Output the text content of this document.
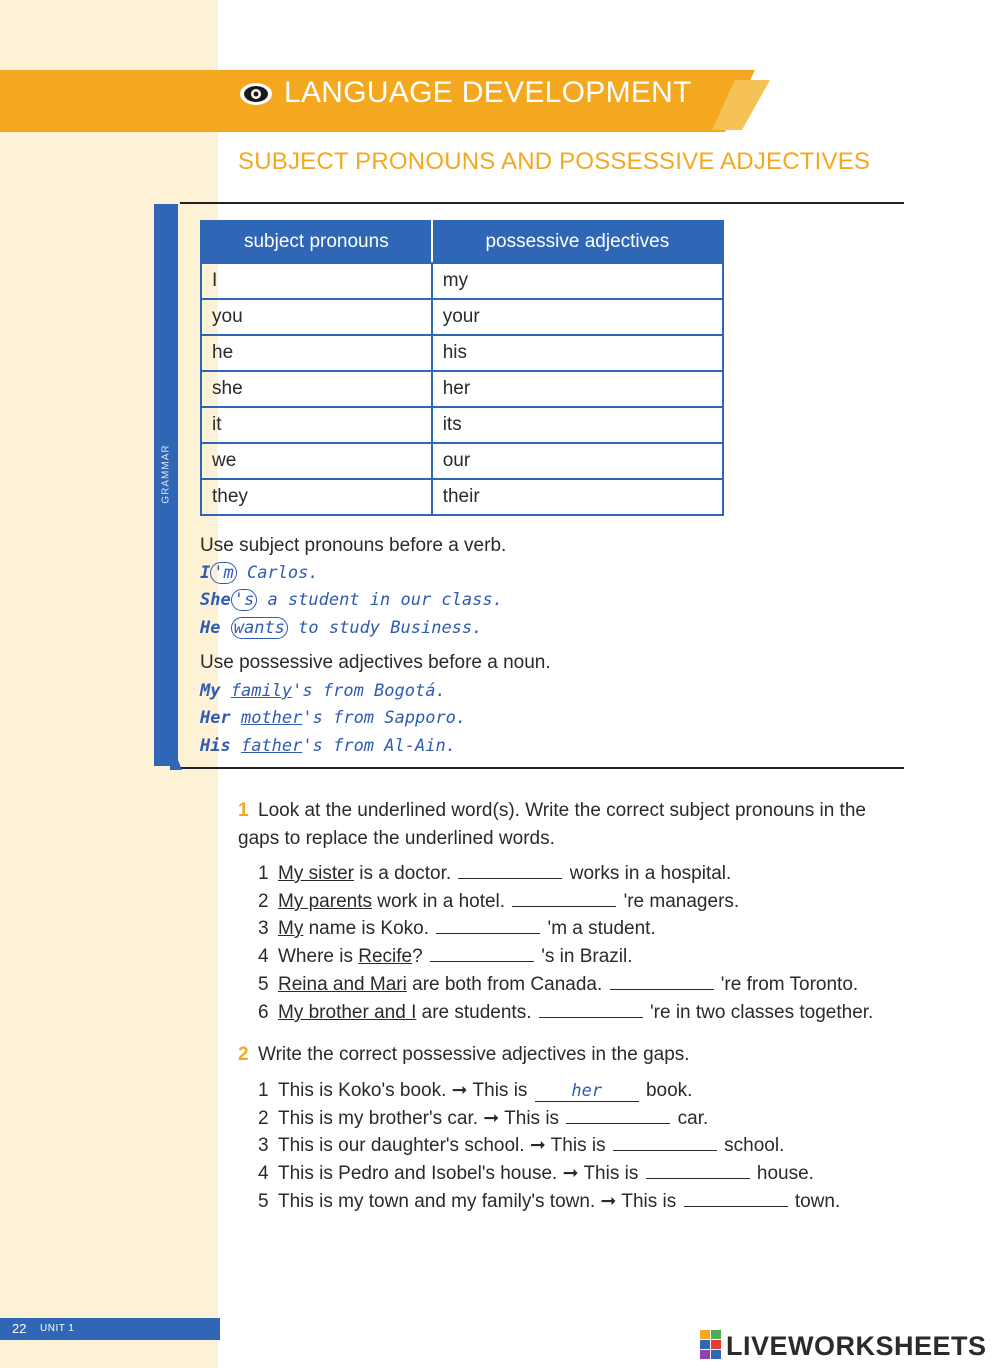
LANGUAGE DEVELOPMENT
SUBJECT PRONOUNS AND POSSESSIVE ADJECTIVES
GRAMMAR
subject pronouns	possessive adjectives
I	my
you	your
he	his
she	her
it	its
we	our
they	their
Use subject pronouns before a verb.
I 'm Carlos.
She 's a student in our class.
He wants to study Business.
Use possessive adjectives before a noun.
My family's from Bogotá.
Her mother's from Sapporo.
His father's from Al-Ain.
1 Look at the underlined word(s). Write the correct subject pronouns in the gaps to replace the underlined words.
1 My sister is a doctor.	works in a hospital.
2 My parents work in a hotel.	're managers.
3 My name is Koko.	'm a student.
4 Where is Recife?	's in Brazil.
5 Reina and Mari are both from Canada.	're from Toronto.
6 My brother and I are students.	're in two classes together.
2 Write the correct possessive adjectives in the gaps.
1 This is Koko's book. ➞ This is	her book.
2 This is my brother's car. ➞ This is	car.
3 This is our daughter's school. ➞ This is	school.
4 This is Pedro and Isobel's house. ➞ This is	house.
5 This is my town and my family's town. ➞ This is	town.
22 UNIT 1
LIVEWORKSHEETS
